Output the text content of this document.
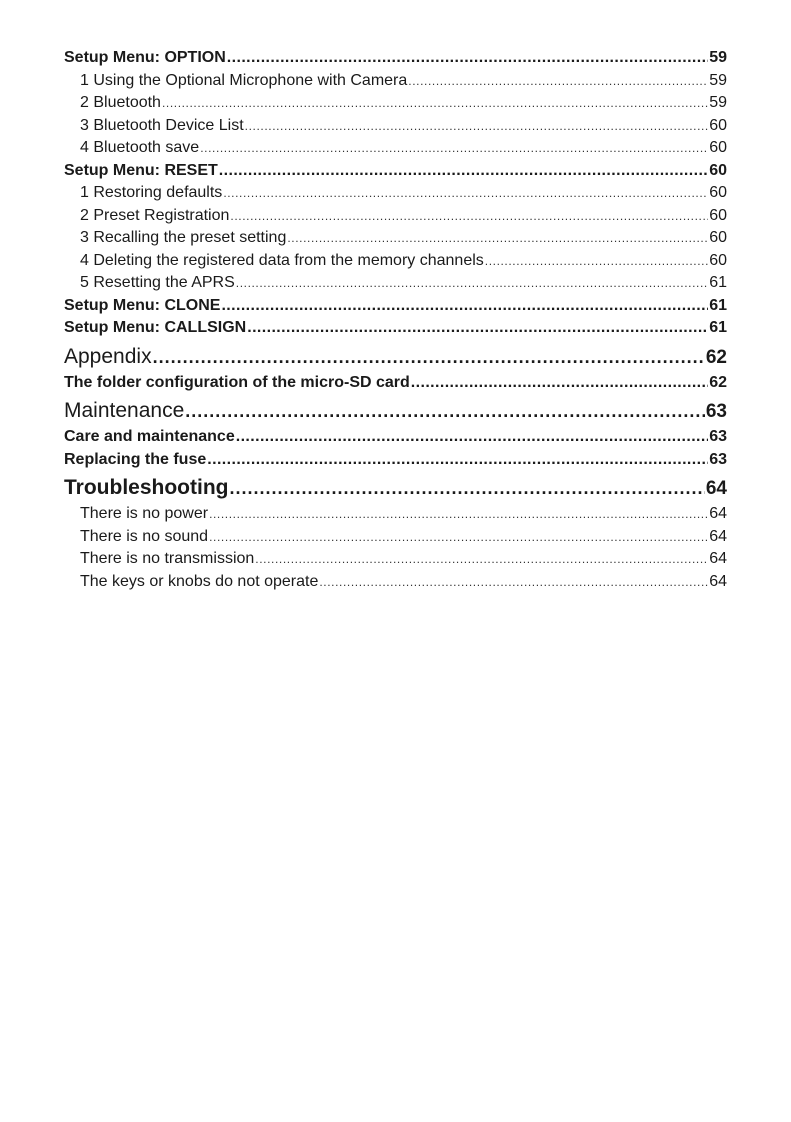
Setup Menu: OPTION .....	59
1 Using the Optional Microphone with Camera .....	59
2 Bluetooth .....	59
3 Bluetooth Device List .....	60
4 Bluetooth save .....	60
Setup Menu: RESET .....	60
1 Restoring defaults .....	60
2 Preset Registration .....	60
3 Recalling the preset setting .....	60
4 Deleting the registered data from the memory channels .....	60
5 Resetting the APRS .....	61
Setup Menu: CLONE .....	61
Setup Menu: CALLSIGN .....	61
Appendix .....	62
The folder configuration of the micro-SD card .....	62
Maintenance .....	63
Care and maintenance .....	63
Replacing the fuse .....	63
Troubleshooting .....	64
There is no power .....	64
There is no sound .....	64
There is no transmission .....	64
The keys or knobs do not operate .....	64
